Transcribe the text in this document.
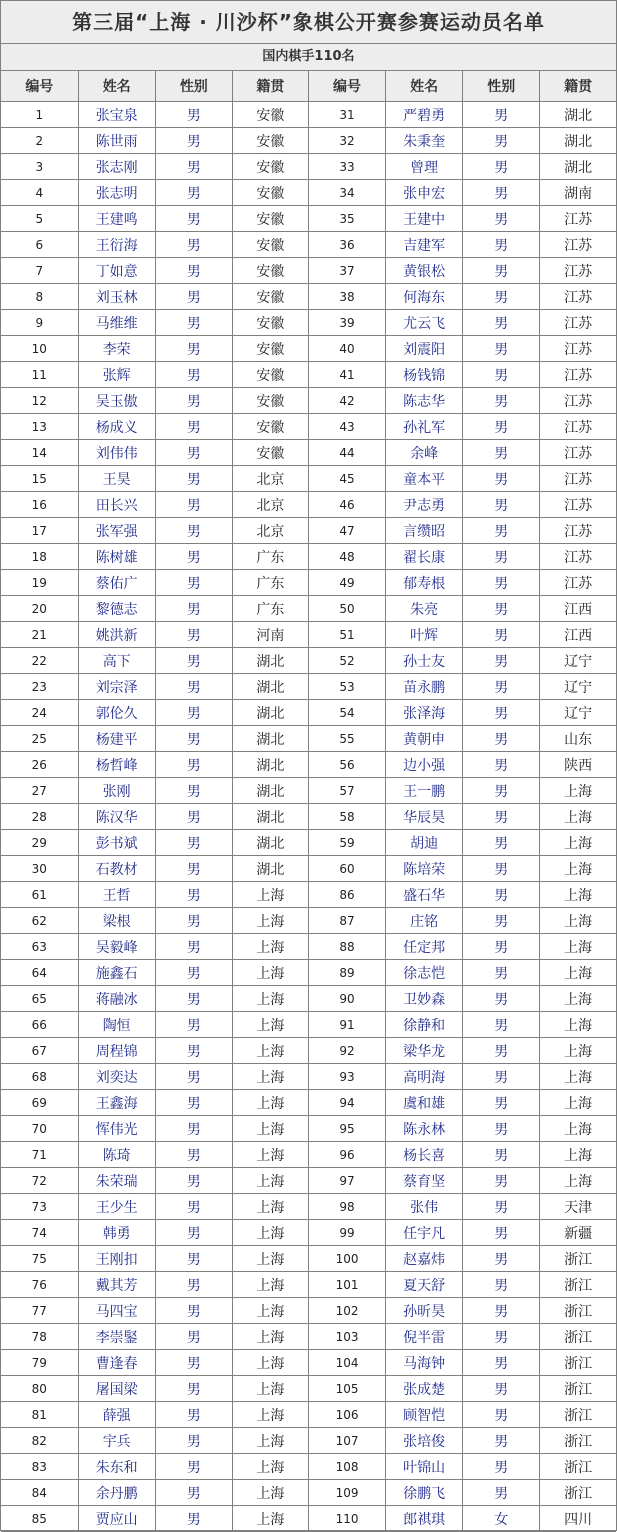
第三届“上海 · 川沙杯”象棋公开赛参赛运动员名单
国内棋手110名
编号	姓名	性别	籍贯	编号	姓名	性别	籍贯
1	张宝泉	男	安徽	31	严碧勇	男	湖北
2	陈世雨	男	安徽	32	朱秉奎	男	湖北
3	张志刚	男	安徽	33	曾理	男	湖北
4	张志明	男	安徽	34	张申宏	男	湖南
5	王建鸣	男	安徽	35	王建中	男	江苏
6	王衍海	男	安徽	36	吉建军	男	江苏
7	丁如意	男	安徽	37	黄银松	男	江苏
8	刘玉林	男	安徽	38	何海东	男	江苏
9	马维维	男	安徽	39	尤云飞	男	江苏
10	李荣	男	安徽	40	刘震阳	男	江苏
11	张辉	男	安徽	41	杨钱锦	男	江苏
12	吴玉傲	男	安徽	42	陈志华	男	江苏
13	杨成义	男	安徽	43	孙礼军	男	江苏
14	刘伟伟	男	安徽	44	余峰	男	江苏
15	王昊	男	北京	45	童本平	男	江苏
16	田长兴	男	北京	46	尹志勇	男	江苏
17	张军强	男	北京	47	言缵昭	男	江苏
18	陈树雄	男	广东	48	翟长康	男	江苏
19	蔡佑广	男	广东	49	郁寿根	男	江苏
20	黎德志	男	广东	50	朱亮	男	江西
21	姚洪新	男	河南	51	叶辉	男	江西
22	高下	男	湖北	52	孙士友	男	辽宁
23	刘宗泽	男	湖北	53	苗永鹏	男	辽宁
24	郭伦久	男	湖北	54	张泽海	男	辽宁
25	杨建平	男	湖北	55	黄朝申	男	山东
26	杨哲峰	男	湖北	56	边小强	男	陕西
27	张刚	男	湖北	57	王一鹏	男	上海
28	陈汉华	男	湖北	58	华辰昊	男	上海
29	彭书斌	男	湖北	59	胡迪	男	上海
30	石教材	男	湖北	60	陈培荣	男	上海
61	王哲	男	上海	86	盛石华	男	上海
62	梁根	男	上海	87	庄铭	男	上海
63	吴毅峰	男	上海	88	任定邦	男	上海
64	施鑫石	男	上海	89	徐志恺	男	上海
65	蒋融冰	男	上海	90	卫妙森	男	上海
66	陶恒	男	上海	91	徐静和	男	上海
67	周程锦	男	上海	92	梁华龙	男	上海
68	刘奕达	男	上海	93	高明海	男	上海
69	王鑫海	男	上海	94	虞和雄	男	上海
70	恽伟光	男	上海	95	陈永林	男	上海
71	陈琦	男	上海	96	杨长喜	男	上海
72	朱荣瑞	男	上海	97	蔡育坚	男	上海
73	王少生	男	上海	98	张伟	男	天津
74	韩勇	男	上海	99	任宇凡	男	新疆
75	王刚扣	男	上海	100	赵嘉炜	男	浙江
76	戴其芳	男	上海	101	夏天舒	男	浙江
77	马四宝	男	上海	102	孙昕昊	男	浙江
78	李崇鋻	男	上海	103	倪半雷	男	浙江
79	曹逢春	男	上海	104	马海钟	男	浙江
80	屠国梁	男	上海	105	张成楚	男	浙江
81	薛强	男	上海	106	顾智恺	男	浙江
82	宇兵	男	上海	107	张培俊	男	浙江
83	朱东和	男	上海	108	叶锦山	男	浙江
84	余丹鹏	男	上海	109	徐鹏飞	男	浙江
85	贾应山	男	上海	110	郎祺琪	女	四川
